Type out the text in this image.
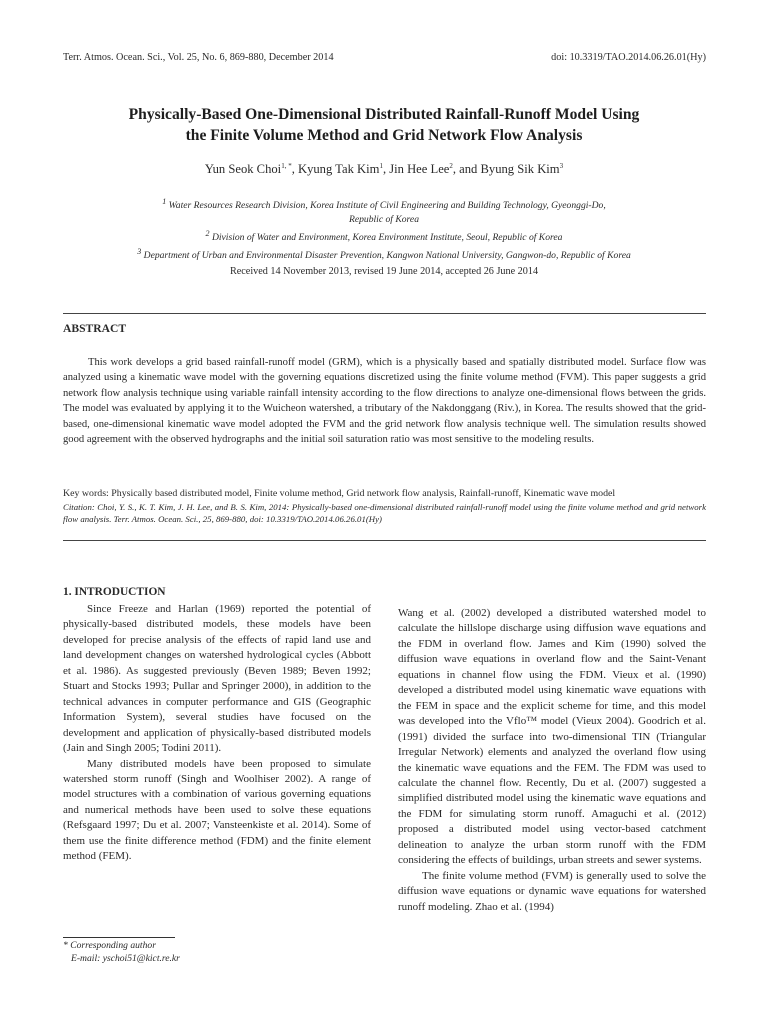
Terr. Atmos. Ocean. Sci., Vol. 25, No. 6, 869-880, December 2014	doi: 10.3319/TAO.2014.06.26.01(Hy)
Physically-Based One-Dimensional Distributed Rainfall-Runoff Model Using
the Finite Volume Method and Grid Network Flow Analysis
Yun Seok Choi$^{1, *}$, Kyung Tak Kim$^1$, Jin Hee Lee$^2$, and Byung Sik Kim$^3$
$^1$ Water Resources Research Division, Korea Institute of Civil Engineering and Building Technology, Gyeonggi-Do,
Republic of Korea
$^2$ Division of Water and Environment, Korea Environment Institute, Seoul, Republic of Korea
$^3$ Department of Urban and Environmental Disaster Prevention, Kangwon National University, Gangwon-do, Republic of Korea
Received 14 November 2013, revised 19 June 2014, accepted 26 June 2014
ABSTRACT

This work develops a grid based rainfall-runoff model (GRM), which is a physically based and spatially distributed model. Surface flow was analyzed using a kinematic wave model with the governing equations discretized using the finite volume method (FVM). This paper suggests a grid network flow analysis technique using variable rainfall intensity according to the flow directions to analyze one-dimensional flows between the grids. The model was evaluated by applying it to the Wuicheon watershed, a tributary of the Nakdonggang (Riv.), in Korea. The results showed that the grid-based, one-dimensional kinematic wave model adopted the FVM and the grid network flow analysis technique well. The simulation results showed good agreement with the observed hydrographs and the initial soil saturation ratio was most sensitive to the modeling results.

Key words: Physically based distributed model, Finite volume method, Grid network flow analysis, Rainfall-runoff, Kinematic wave model

Citation: Choi, Y. S., K. T. Kim, J. H. Lee, and B. S. Kim, 2014: Physically-based one-dimensional distributed rainfall-runoff model using the finite volume method and grid network flow analysis. Terr. Atmos. Ocean. Sci., 25, 869-880, doi: 10.3319/TAO.2014.06.26.01(Hy)

1. INTRODUCTION

Since Freeze and Harlan (1969) reported the potential of physically-based distributed models, these models have been developed for precise analysis of the effects of rapid land use and land development changes on watershed hydrological cycles (Abbott et al. 1986). As suggested previously (Beven 1989; Beven 1992; Stuart and Stocks 1993; Pullar and Springer 2000), in addition to the technical advances in computer performance and GIS (Geographic Information System), several studies have focused on the development and application of physically-based distributed models (Jain and Singh 2005; Todini 2011).

Many distributed models have been proposed to simulate watershed storm runoff (Singh and Woolhiser 2002). A range of model structures with a combination of various governing equations and numerical methods have been used to solve these equations (Refsgaard 1997; Du et al. 2007; Vansteenkiste et al. 2014). Some of them use the finite difference method (FDM) and the finite element method (FEM).

Wang et al. (2002) developed a distributed watershed model to calculate the hillslope discharge using diffusion wave equations and the FDM in overland flow. James and Kim (1990) solved the diffusion wave equations in overland flow and the Saint-Venant equations in channel flow using the FDM. Vieux et al. (1990) developed a distributed model using kinematic wave equations with the FEM in space and the explicit scheme for time, and this model was developed into the Vflo™ model (Vieux 2004). Goodrich et al. (1991) divided the surface into two-dimensional TIN (Triangular Irregular Network) elements and analyzed the overland flow using the kinematic wave equations and the FEM. The FDM was used to calculate the channel flow. Recently, Du et al. (2007) suggested a simplified distributed model using the kinematic wave equations and the FDM for simulating storm runoff. Amaguchi et al. (2012) proposed a distributed model using vector-based catchment delineation to analyze the urban storm runoff with the FDM considering the effects of buildings, urban streets and sewer systems.

The finite volume method (FVM) is generally used to solve the diffusion wave equations or dynamic wave equations for watershed runoff modeling. Zhao et al. (1994)

* Corresponding author
E-mail: yschoi51@kict.re.kr
